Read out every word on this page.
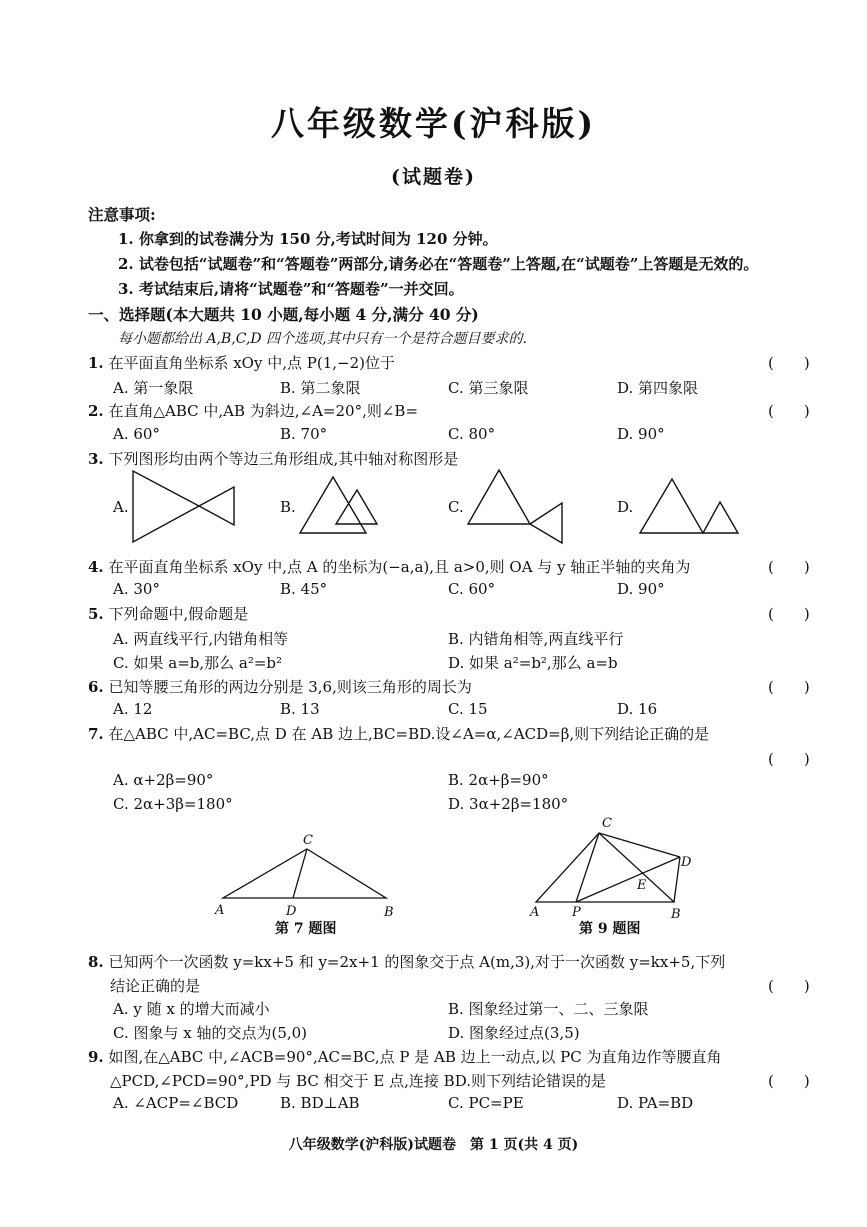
八年级数学(沪科版)
(试题卷)
注意事项:
1. 你拿到的试卷满分为 150 分,考试时间为 120 分钟。
2. 试卷包括“试题卷”和“答题卷”两部分,请务必在“答题卷”上答题,在“试题卷”上答题是无效的。
3. 考试结束后,请将“试题卷”和“答题卷”一并交回。
一、选择题(本大题共 10 小题,每小题 4 分,满分 40 分)
每小题都给出 A,B,C,D 四个选项,其中只有一个是符合题目要求的.
1. 在平面直角坐标系 xOy 中,点 P(1,−2)位于	(　　)
A. 第一象限	B. 第二象限	C. 第三象限	D. 第四象限
2. 在直角△ABC 中,AB 为斜边,∠A=20°,则∠B=	(　　)
A. 60°	B. 70°	C. 80°	D. 90°
3. 下列图形均由两个等边三角形组成,其中轴对称图形是
A.	B.	C.	D.
4. 在平面直角坐标系 xOy 中,点 A 的坐标为(−a,a),且 a>0,则 OA 与 y 轴正半轴的夹角为	(　　)
A. 30°	B. 45°	C. 60°	D. 90°
5. 下列命题中,假命题是	(　　)
A. 两直线平行,内错角相等	B. 内错角相等,两直线平行
C. 如果 a=b,那么 a²=b²	D. 如果 a²=b²,那么 a=b
6. 已知等腰三角形的两边分别是 3,6,则该三角形的周长为	(　　)
A. 12	B. 13	C. 15	D. 16
7. 在△ABC 中,AC=BC,点 D 在 AB 边上,BC=BD.设∠A=α,∠ACD=β,则下列结论正确的是
(　　)
A. α+2β=90°	B. 2α+β=90°
C. 2α+3β=180°	D. 3α+2β=180°
C
A	D	B
C
D
E
A	P	B
第 7 题图	第 9 题图
8. 已知两个一次函数 y=kx+5 和 y=2x+1 的图象交于点 A(m,3),对于一次函数 y=kx+5,下列
结论正确的是	(　　)
A. y 随 x 的增大而减小	B. 图象经过第一、二、三象限
C. 图象与 x 轴的交点为(5,0)	D. 图象经过点(3,5)
9. 如图,在△ABC 中,∠ACB=90°,AC=BC,点 P 是 AB 边上一动点,以 PC 为直角边作等腰直角
△PCD,∠PCD=90°,PD 与 BC 相交于 E 点,连接 BD.则下列结论错误的是	(　　)
A. ∠ACP=∠BCD	B. BD⊥AB	C. PC=PE	D. PA=BD
八年级数学(沪科版)试题卷　第 1 页(共 4 页)
